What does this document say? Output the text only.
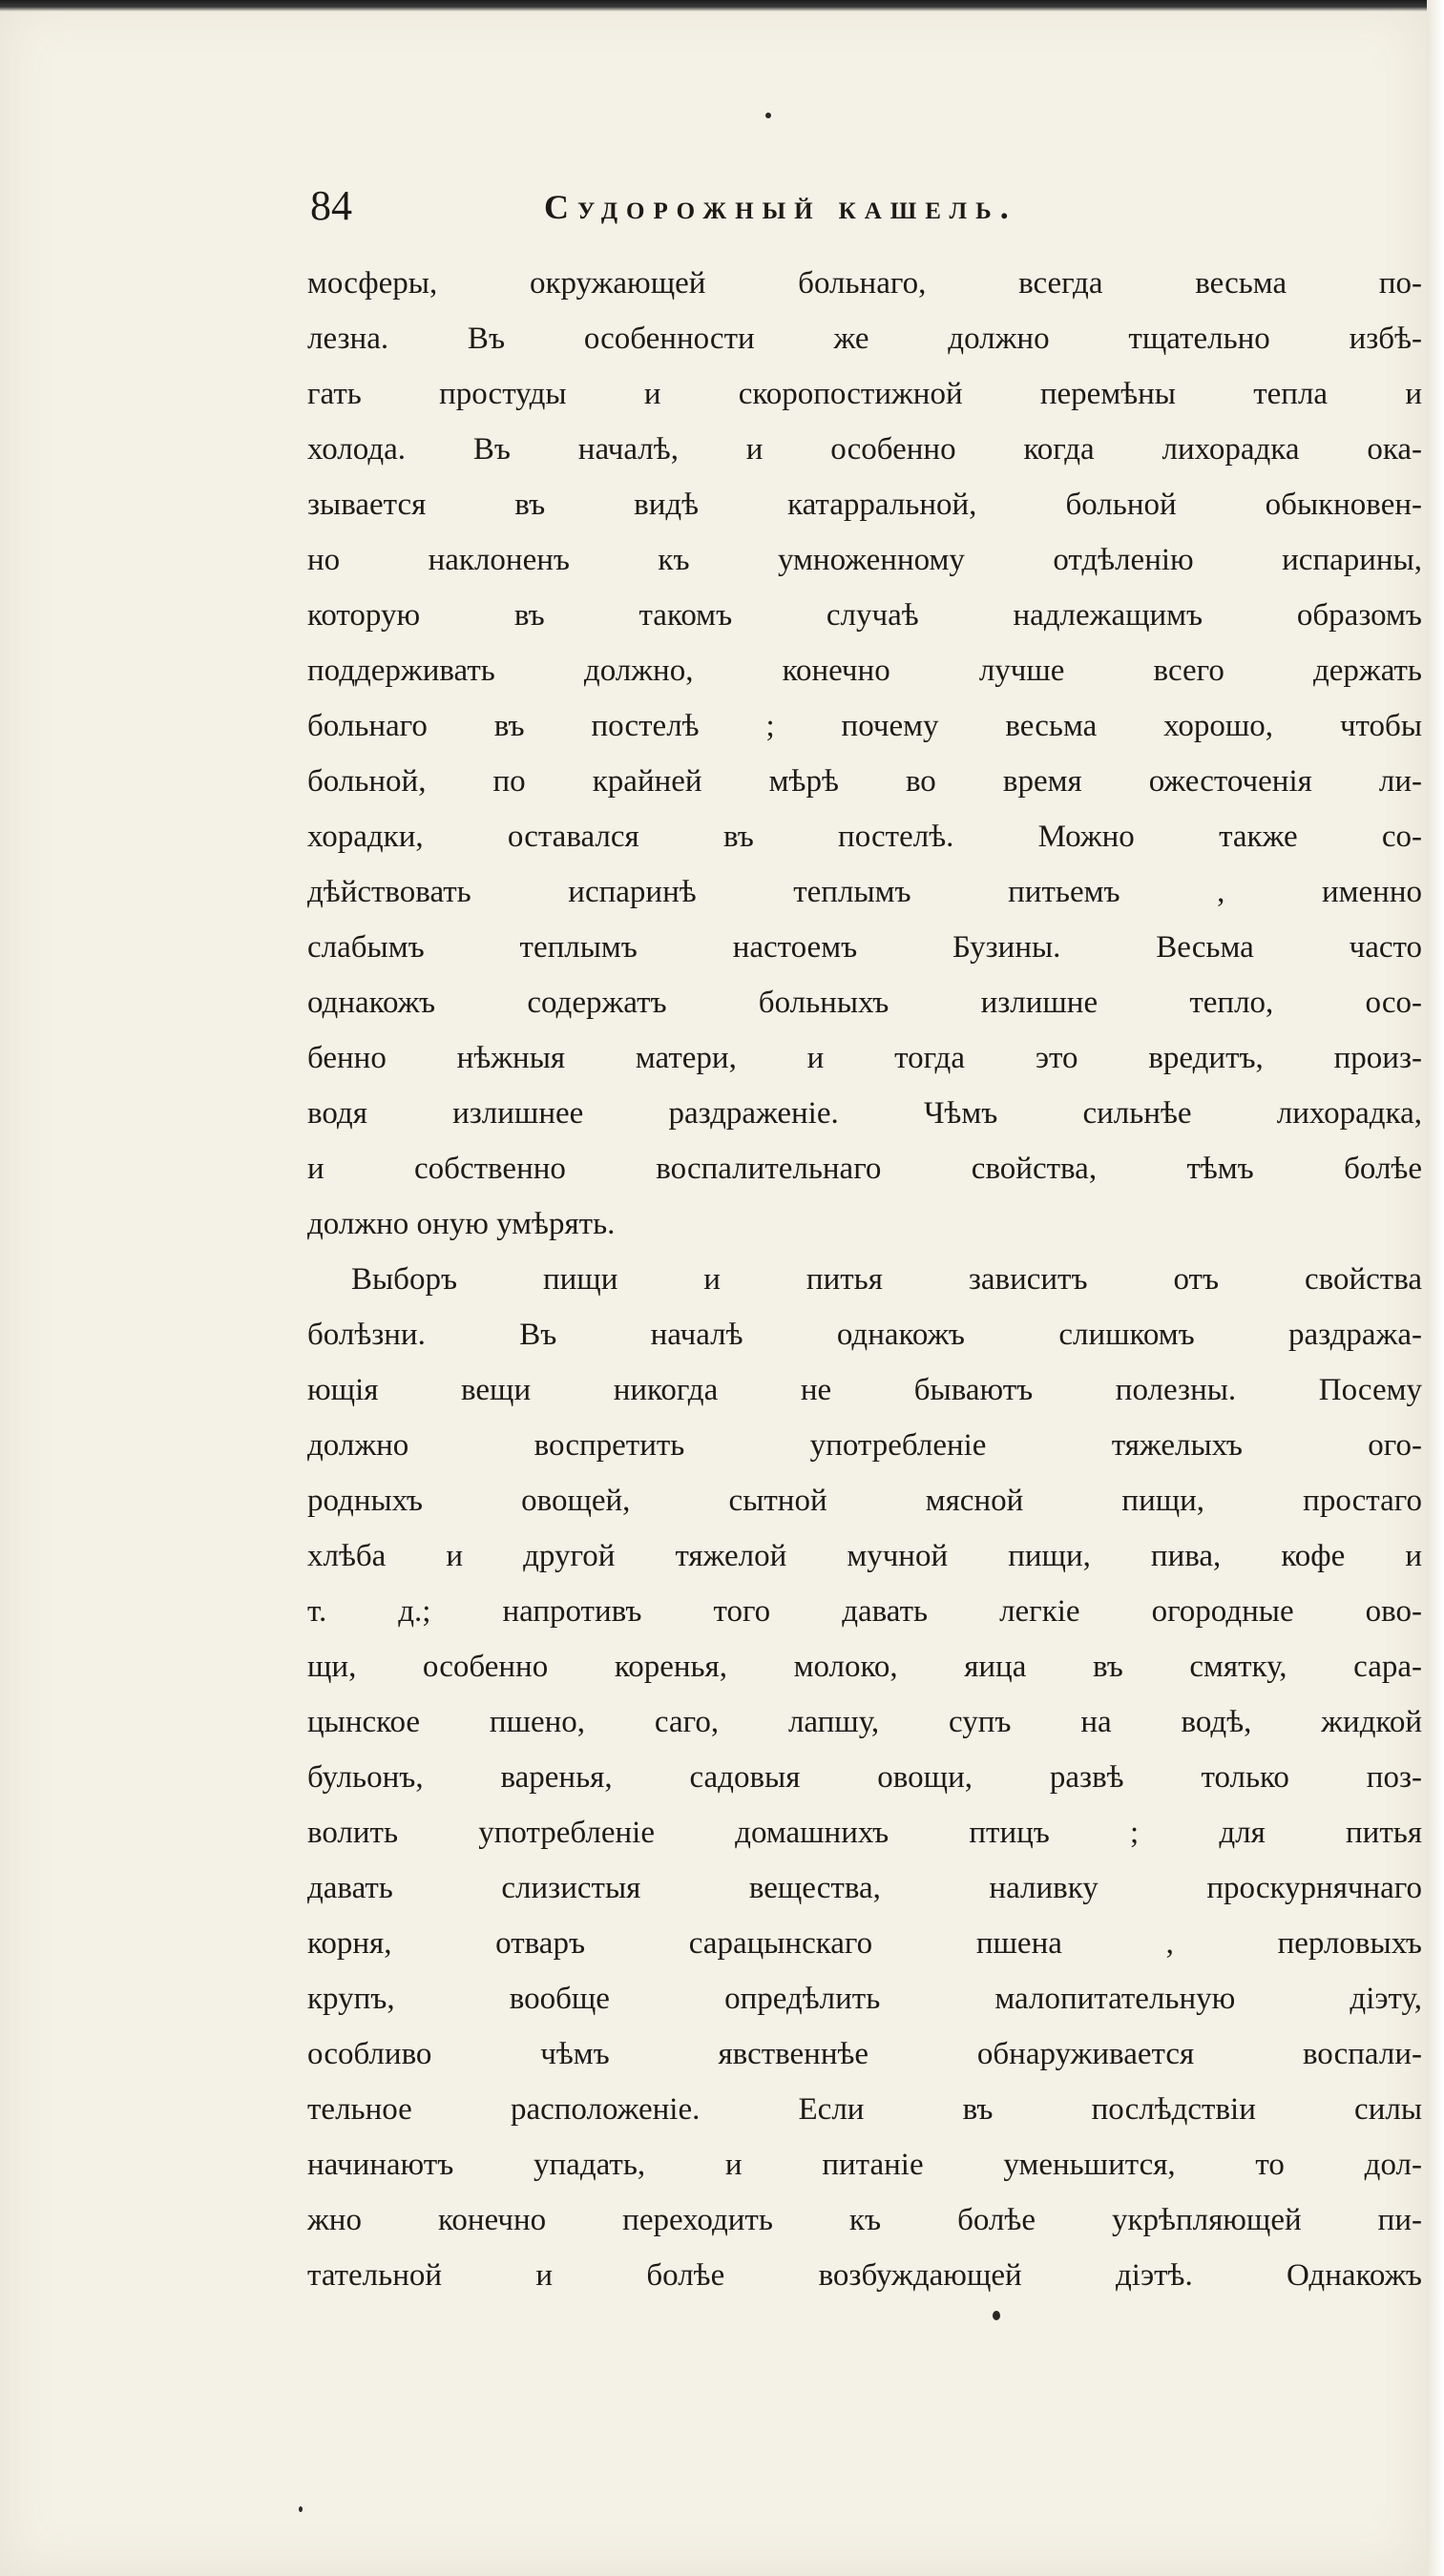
84	Судорожный кашель.
мосферы, окружающей больнаго, всегда весьма по-
лезна. Въ особенности же должно тщательно избѣ-
гать простуды и скоропостижной перемѣны тепла и
холода. Въ началѣ, и особенно когда лихорадка ока-
зывается въ видѣ катарральной, больной обыкновен-
но наклоненъ къ умноженному отдѣленію испарины,
которую въ такомъ случаѣ надлежащимъ образомъ
поддерживать должно, конечно лучше всего держать
больнаго въ постелѣ ; почему весьма хорошо, чтобы
больной, по крайней мѣрѣ во время ожесточенія ли-
хорадки, оставался въ постелѣ. Можно также со-
дѣйствовать испаринѣ теплымъ питьемъ , именно
слабымъ теплымъ настоемъ Бузины. Весьма часто
однакожъ содержатъ больныхъ излишне тепло, осо-
бенно нѣжныя матери, и тогда это вредитъ, произ-
водя излишнее раздраженіе. Чѣмъ сильнѣе лихорадка,
и собственно воспалительнаго свойства, тѣмъ болѣе
должно оную умѣрять.
Выборъ пищи и питья зависитъ отъ свойства
болѣзни. Въ началѣ однакожъ слишкомъ раздража-
ющія вещи никогда не бываютъ полезны. Посему
должно воспретить употребленіе тяжелыхъ ого-
родныхъ овощей, сытной мясной пищи, простаго
хлѣба и другой тяжелой мучной пищи, пива, кофе и
т. д.; напротивъ того давать легкіе огородные ово-
щи, особенно коренья, молоко, яица въ смятку, сара-
цынское пшено, саго, лапшу, супъ на водѣ, жидкой
бульонъ, варенья, садовыя овощи, развѣ только поз-
волить употребленіе домашнихъ птицъ ; для питья
давать слизистыя вещества, наливку проскурнячнаго
корня, отваръ сарацынскаго пшена , перловыхъ
крупъ, вообще опредѣлить малопитательную діэту,
особливо чѣмъ явственнѣе обнаруживается воспали-
тельное расположеніе. Если въ послѣдствіи силы
начинаютъ упадать, и питаніе уменьшится, то дол-
жно конечно переходить къ болѣе укрѣпляющей пи-
тательной и болѣе возбуждающей діэтѣ. Однакожъ
